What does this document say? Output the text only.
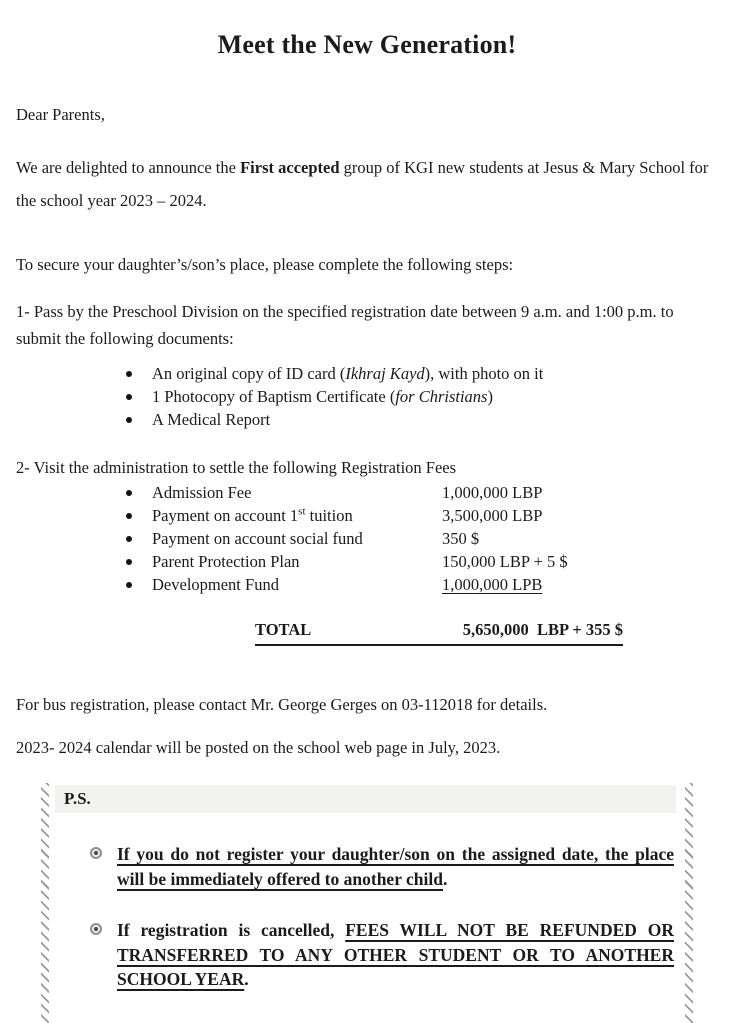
Meet the New Generation!

Dear Parents,

We are delighted to announce the First accepted group of KGI new students at Jesus & Mary School for the school year 2023 – 2024.

To secure your daughter’s/son’s place, please complete the following steps:

1- Pass by the Preschool Division on the specified registration date between 9 a.m. and 1:00 p.m. to submit the following documents:

An original copy of ID card (Ikhraj Kayd), with photo on it
1 Photocopy of Baptism Certificate (for Christians)
A Medical Report

2- Visit the administration to settle the following Registration Fees

Admission Fee	1,000,000 LBP
Payment on account 1st tuition	3,500,000 LBP
Payment on account social fund	350 $
Parent Protection Plan	150,000 LBP + 5 $
Development Fund	1,000,000 LPB
TOTAL	5,650,000  LBP + 355 $

For bus registration, please contact Mr. George Gerges on 03-112018 for details.

2023- 2024 calendar will be posted on the school web page in July, 2023.

P.S.

If you do not register your daughter/son on the assigned date, the place will be immediately offered to another child.

If registration is cancelled, FEES WILL NOT BE REFUNDED OR TRANSFERRED TO ANY OTHER STUDENT OR TO ANOTHER SCHOOL YEAR.
